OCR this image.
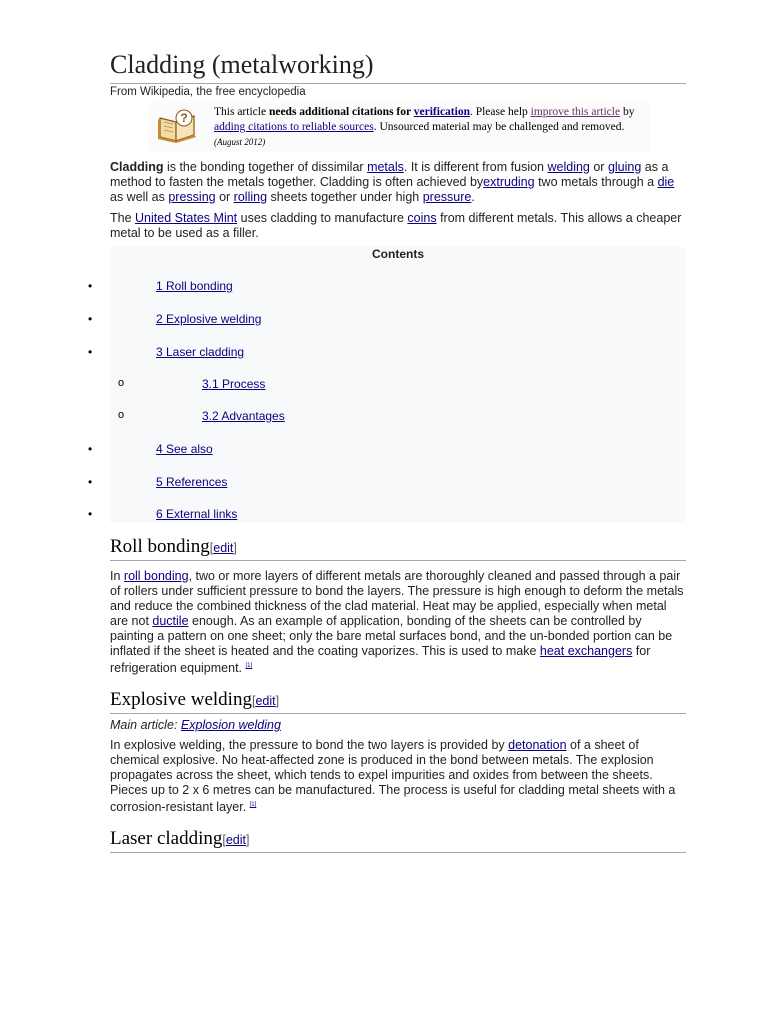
Cladding (metalworking)
From Wikipedia, the free encyclopedia
? This article needs additional citations for verification. Please help improve this article by adding citations to reliable sources. Unsourced material may be challenged and removed. (August 2012)

Cladding is the bonding together of dissimilar metals. It is different from fusion welding or gluing as a method to fasten the metals together. Cladding is often achieved byextruding two metals through a die as well as pressing or rolling sheets together under high pressure.

The United States Mint uses cladding to manufacture coins from different metals. This allows a cheaper metal to be used as a filler.

Contents
•	1 Roll bonding
•	2 Explosive welding
•	3 Laser cladding
o	3.1 Process
o	3.2 Advantages
•	4 See also
•	5 References
•	6 External links
Roll bonding[edit]

In roll bonding, two or more layers of different metals are thoroughly cleaned and passed through a pair of rollers under sufficient pressure to bond the layers. The pressure is high enough to deform the metals and reduce the combined thickness of the clad material. Heat may be applied, especially when metal are not ductile enough. As an example of application, bonding of the sheets can be controlled by painting a pattern on one sheet; only the bare metal surfaces bond, and the un-bonded portion can be inflated if the sheet is heated and the coating vaporizes. This is used to make heat exchangers for refrigeration equipment. [1]

Explosive welding[edit]
Main article: Explosion welding

In explosive welding, the pressure to bond the two layers is provided by detonation of a sheet of chemical explosive. No heat-affected zone is produced in the bond between metals. The explosion propagates across the sheet, which tends to expel impurities and oxides from between the sheets. Pieces up to 2 x 6 metres can be manufactured. The process is useful for cladding metal sheets with a corrosion-resistant layer. [1]

Laser cladding[edit]
